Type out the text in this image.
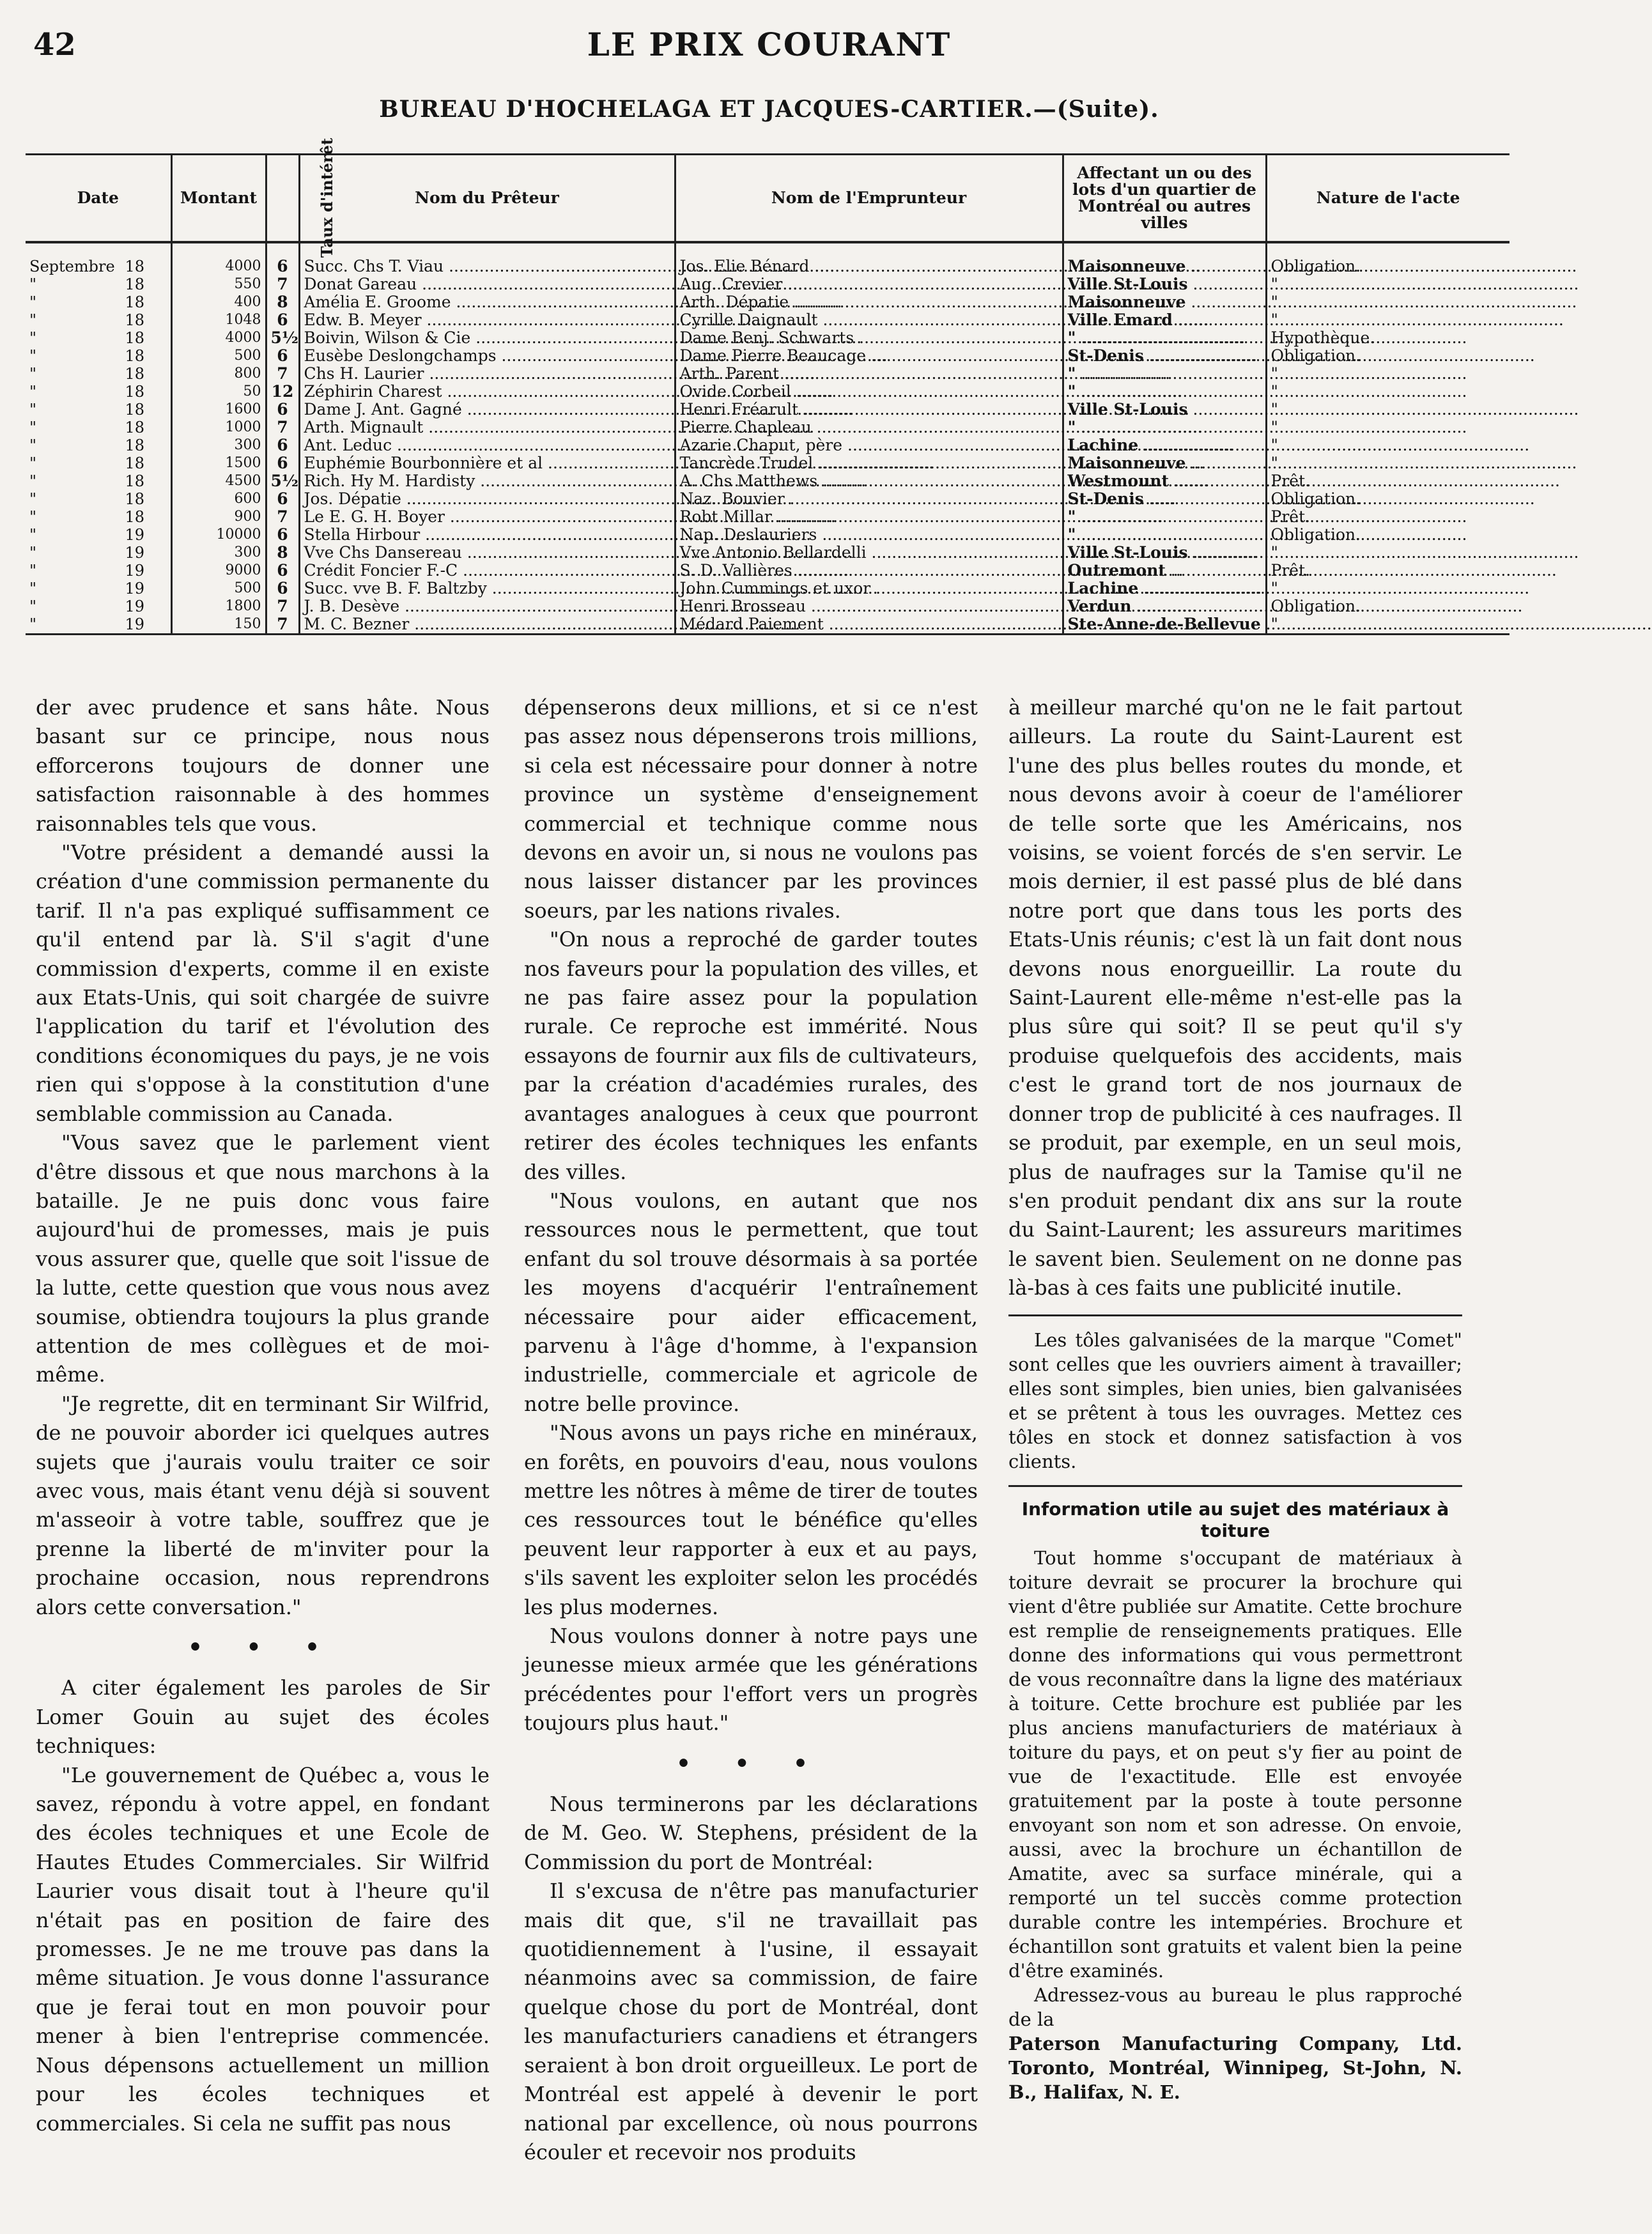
42	LE PRIX COURANT
BUREAU D'HOCHELAGA ET JACQUES-CARTIER.—(Suite).
Date	Montant	Taux d'intérêt	Nom du Prêteur	Nom de l'Emprunteur	Affectant un ou des lots d'un quartier de Montréal ou autres villes	Nature de l'acte
Septembre 18	4000	6	Succ. Chs T. Viau .....	Jos. Elie Bénard .....	Maisonneuve .....	Obligation.
" 18	550	7	Donat Gareau .....	Aug. Crevier .....	Ville St-Louis .....	"
" 18	400	8	Amélia E. Groome .....	Arth. Dépatie .....	Maisonneuve .....	"
" 18	1048	6	Edw. B. Meyer .....	Cyrille Daignault .....	Ville Emard .....	"
" 18	4000	5½	Boivin, Wilson & Cie .....	Dame Benj. Schwarts .....	" .....	Hypothèque.
" 18	500	6	Eusèbe Deslongchamps .....	Dame Pierre Beaucage .....	St-Denis .....	Obligation.
" 18	800	7	Chs H. Laurier .....	Arth. Parent .....	" .....	"
" 18	50	12	Zéphirin Charest .....	Ovide Corbeil .....	" .....	"
" 18	1600	6	Dame J. Ant. Gagné .....	Henri Fréarult .....	Ville St-Louis .....	"
" 18	1000	7	Arth. Mignault .....	Pierre Chapleau .....	" .....	"
" 18	300	6	Ant. Leduc .....	Azarie Chaput, père .....	Lachine .....	"
" 18	1500	6	Euphémie Bourbonnière et al .....	Tancrède Trudel .....	Maisonneuve .....	"
" 18	4500	5½	Rich. Hy M. Hardisty .....	A. Chs Matthews .....	Westmount .....	Prêt.
" 18	600	6	Jos. Dépatie .....	Naz. Bouvier .....	St-Denis .....	Obligation.
" 18	900	7	Le E. G. H. Boyer .....	Robt Millar .....	" .....	Prêt.
" 19	10000	6	Stella Hirbour .....	Nap. Deslauriers .....	" .....	Obligation.
" 19	300	8	Vve Chs Dansereau .....	Vve Antonio Bellardelli .....	Ville St-Louis .....	"
" 19	9000	6	Crédit Foncier F.-C .....	S. D. Vallières .....	Outremont .....	Prêt.
" 19	500	6	Succ. vve B. F. Baltzby .....	John Cummings et uxor .....	Lachine .....	"
" 19	1800	7	J. B. Desève .....	Henri Brosseau .....	Verdun .....	Obligation.
" 19	150	7	M. C. Bezner .....	Médard Paiement .....	Ste-Anne-de-Bellevue .....	"

der avec prudence et sans hâte. Nous basant sur ce principe, nous nous efforcerons toujours de donner une satisfaction raisonnable à des hommes raisonnables tels que vous.

"Votre président a demandé aussi la création d'une commission permanente du tarif. Il n'a pas expliqué suffisamment ce qu'il entend par là. S'il s'agit d'une commission d'experts, comme il en existe aux Etats-Unis, qui soit chargée de suivre l'application du tarif et l'évolution des conditions économiques du pays, je ne vois rien qui s'oppose à la constitution d'une semblable commission au Canada.

"Vous savez que le parlement vient d'être dissous et que nous marchons à la bataille. Je ne puis donc vous faire aujourd'hui de promesses, mais je puis vous assurer que, quelle que soit l'issue de la lutte, cette question que vous nous avez soumise, obtiendra toujours la plus grande attention de mes collègues et de moi-même.

"Je regrette, dit en terminant Sir Wilfrid, de ne pouvoir aborder ici quelques autres sujets que j'aurais voulu traiter ce soir avec vous, mais étant venu déjà si souvent m'asseoir à votre table, souffrez que je prenne la liberté de m'inviter pour la prochaine occasion, nous reprendrons alors cette conversation."

• • •

A citer également les paroles de Sir Lomer Gouin au sujet des écoles techniques:

"Le gouvernement de Québec a, vous le savez, répondu à votre appel, en fondant des écoles techniques et une Ecole de Hautes Etudes Commerciales. Sir Wilfrid Laurier vous disait tout à l'heure qu'il n'était pas en position de faire des promesses. Je ne me trouve pas dans la même situation. Je vous donne l'assurance que je ferai tout en mon pouvoir pour mener à bien l'entreprise commencée. Nous dépensons actuellement un million pour les écoles techniques et commerciales. Si cela ne suffit pas nous

dépenserons deux millions, et si ce n'est pas assez nous dépenserons trois millions, si cela est nécessaire pour donner à notre province un système d'enseignement commercial et technique comme nous devons en avoir un, si nous ne voulons pas nous laisser distancer par les provinces soeurs, par les nations rivales.

"On nous a reproché de garder toutes nos faveurs pour la population des villes, et ne pas faire assez pour la population rurale. Ce reproche est immérité. Nous essayons de fournir aux fils de cultivateurs, par la création d'académies rurales, des avantages analogues à ceux que pourront retirer des écoles techniques les enfants des villes.

"Nous voulons, en autant que nos ressources nous le permettent, que tout enfant du sol trouve désormais à sa portée les moyens d'acquérir l'entraînement nécessaire pour aider efficacement, parvenu à l'âge d'homme, à l'expansion industrielle, commerciale et agricole de notre belle province.

"Nous avons un pays riche en minéraux, en forêts, en pouvoirs d'eau, nous voulons mettre les nôtres à même de tirer de toutes ces ressources tout le bénéfice qu'elles peuvent leur rapporter à eux et au pays, s'ils savent les exploiter selon les procédés les plus modernes.

Nous voulons donner à notre pays une jeunesse mieux armée que les générations précédentes pour l'effort vers un progrès toujours plus haut."

• • •

Nous terminerons par les déclarations de M. Geo. W. Stephens, président de la Commission du port de Montréal:

Il s'excusa de n'être pas manufacturier mais dit que, s'il ne travaillait pas quotidiennement à l'usine, il essayait néanmoins avec sa commission, de faire quelque chose du port de Montréal, dont les manufacturiers canadiens et étrangers seraient à bon droit orgueilleux. Le port de Montréal est appelé à devenir le port national par excellence, où nous pourrons écouler et recevoir nos produits

à meilleur marché qu'on ne le fait partout ailleurs. La route du Saint-Laurent est l'une des plus belles routes du monde, et nous devons avoir à coeur de l'améliorer de telle sorte que les Américains, nos voisins, se voient forcés de s'en servir. Le mois dernier, il est passé plus de blé dans notre port que dans tous les ports des Etats-Unis réunis; c'est là un fait dont nous devons nous enorgueillir. La route du Saint-Laurent elle-même n'est-elle pas la plus sûre qui soit? Il se peut qu'il s'y produise quelquefois des accidents, mais c'est le grand tort de nos journaux de donner trop de publicité à ces naufrages. Il se produit, par exemple, en un seul mois, plus de naufrages sur la Tamise qu'il ne s'en produit pendant dix ans sur la route du Saint-Laurent; les assureurs maritimes le savent bien. Seulement on ne donne pas là-bas à ces faits une publicité inutile.

Les tôles galvanisées de la marque "Comet" sont celles que les ouvriers aiment à travailler; elles sont simples, bien unies, bien galvanisées et se prêtent à tous les ouvrages. Mettez ces tôles en stock et donnez satisfaction à vos clients.

Information utile au sujet des matériaux à toiture

Tout homme s'occupant de matériaux à toiture devrait se procurer la brochure qui vient d'être publiée sur Amatite. Cette brochure est remplie de renseignements pratiques. Elle donne des informations qui vous permettront de vous reconnaître dans la ligne des matériaux à toiture. Cette brochure est publiée par les plus anciens manufacturiers de matériaux à toiture du pays, et on peut s'y fier au point de vue de l'exactitude. Elle est envoyée gratuitement par la poste à toute personne envoyant son nom et son adresse. On envoie, aussi, avec la brochure un échantillon de Amatite, avec sa surface minérale, qui a remporté un tel succès comme protection durable contre les intempéries. Brochure et échantillon sont gratuits et valent bien la peine d'être examinés.

Adressez-vous au bureau le plus rapproché de la

Paterson Manufacturing Company, Ltd. Toronto, Montréal, Winnipeg, St-John, N. B., Halifax, N. E.
